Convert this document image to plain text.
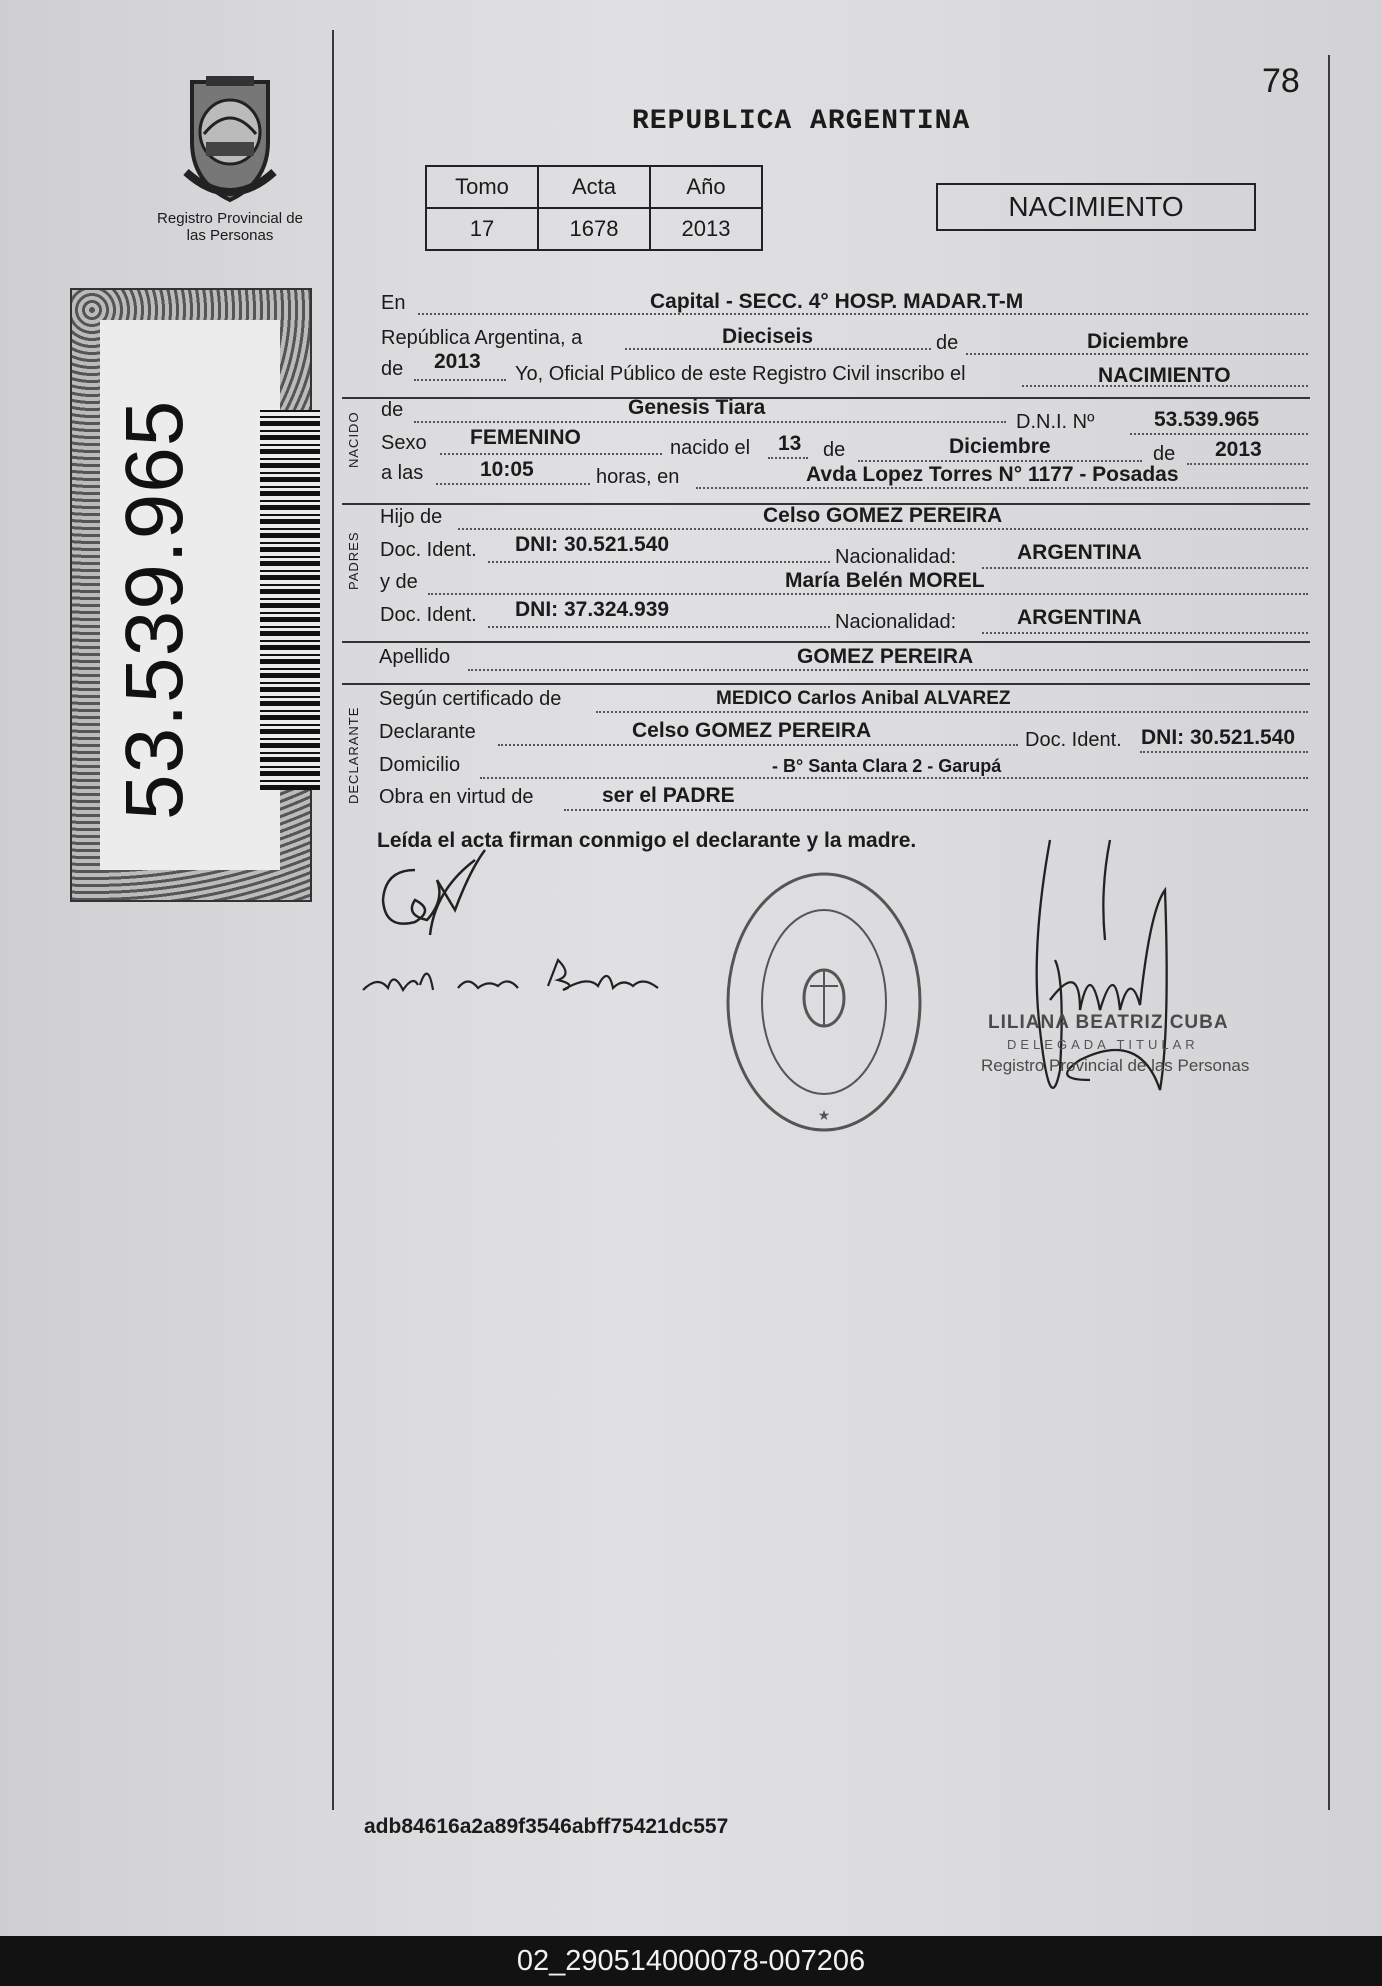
78
Registro Provincial de las Personas
53.539.965
REPUBLICA ARGENTINA
Tomo	Acta	Año
17	1678	2013
NACIMIENTO
En	Capital - SECC. 4° HOSP. MADAR.T-M
República Argentina, a	Dieciseis	de	Diciembre
de 2013
Yo, Oficial Público de este Registro Civil inscribo el	NACIMIENTO
NACIDO
de	Genesis Tiara
D.N.I. Nº	53.539.965
Sexo FEMENINO	nacido el 13 de	Diciembre	de 2013
a las	10:05	horas, en	Avda Lopez Torres N° 1177 - Posadas
PADRES
Hijo de	Celso GOMEZ PEREIRA
Doc. Ident. DNI: 30.521.540
Nacionalidad:	ARGENTINA
y de	María Belén MOREL
Doc. Ident. DNI: 37.324.939
Nacionalidad:	ARGENTINA
Apellido	GOMEZ PEREIRA
DECLARANTE
Según certificado de	MEDICO Carlos Anibal ALVAREZ
Declarante	Celso GOMEZ PEREIRA	Doc. Ident. DNI: 30.521.540
Domicilio	- B° Santa Clara 2 - Garupá
Obra en virtud de	ser el PADRE
Leída el acta firman conmigo el declarante y la madre.
★
LILIANA BEATRIZ CUBA
DELEGADA TITULAR
Registro Provincial de las Personas
adb84616a2a89f3546abff75421dc557
02_290514000078-007206
